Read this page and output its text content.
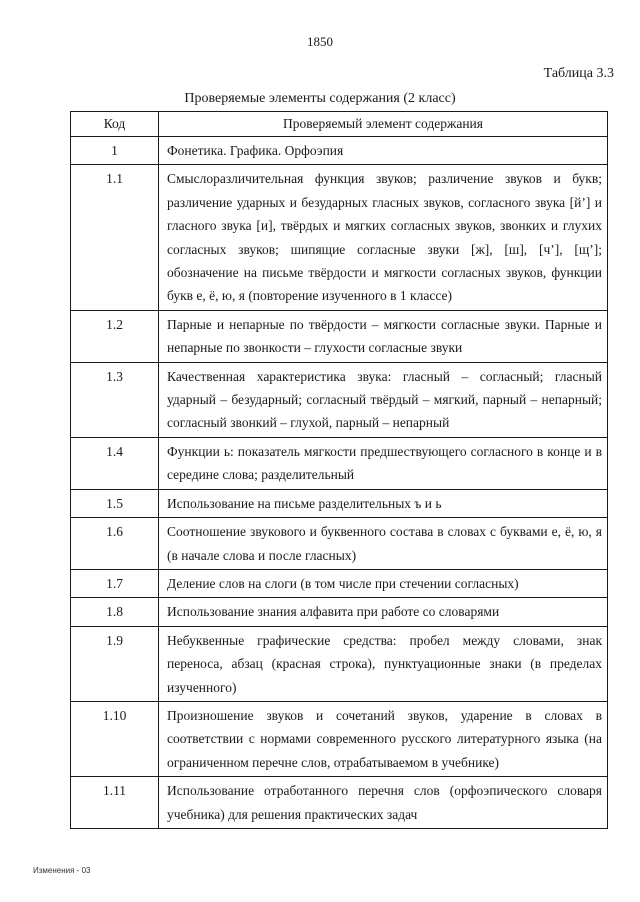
1850
Таблица 3.3
Проверяемые элементы содержания (2 класс)
Код	Проверяемый элемент содержания
1	Фонетика. Графика. Орфоэпия
1.1	Смыслоразличительная функция звуков; различение звуков и букв; различение ударных и безударных гласных звуков, согласного звука [й’] и гласного звука [и], твёрдых и мягких согласных звуков, звонких и глухих согласных звуков; шипящие согласные звуки [ж], [ш], [ч’], [щ’]; обозначение на письме твёрдости и мягкости согласных звуков, функции букв е, ё, ю, я (повторение изученного в 1 классе)
1.2	Парные и непарные по твёрдости – мягкости согласные звуки. Парные и непарные по звонкости – глухости согласные звуки
1.3	Качественная характеристика звука: гласный – согласный; гласный ударный – безударный; согласный твёрдый – мягкий, парный – непарный; согласный звонкий – глухой, парный – непарный
1.4	Функции ь: показатель мягкости предшествующего согласного в конце и в середине слова; разделительный
1.5	Использование на письме разделительных ъ и ь
1.6	Соотношение звукового и буквенного состава в словах с буквами е, ё, ю, я (в начале слова и после гласных)
1.7	Деление слов на слоги (в том числе при стечении согласных)
1.8	Использование знания алфавита при работе со словарями
1.9	Небуквенные графические средства: пробел между словами, знак переноса, абзац (красная строка), пунктуационные знаки (в пределах изученного)
1.10	Произношение звуков и сочетаний звуков, ударение в словах в соответствии с нормами современного русского литературного языка (на ограниченном перечне слов, отрабатываемом в учебнике)
1.11	Использование отработанного перечня слов (орфоэпического словаря учебника) для решения практических задач
Изменения - 03
